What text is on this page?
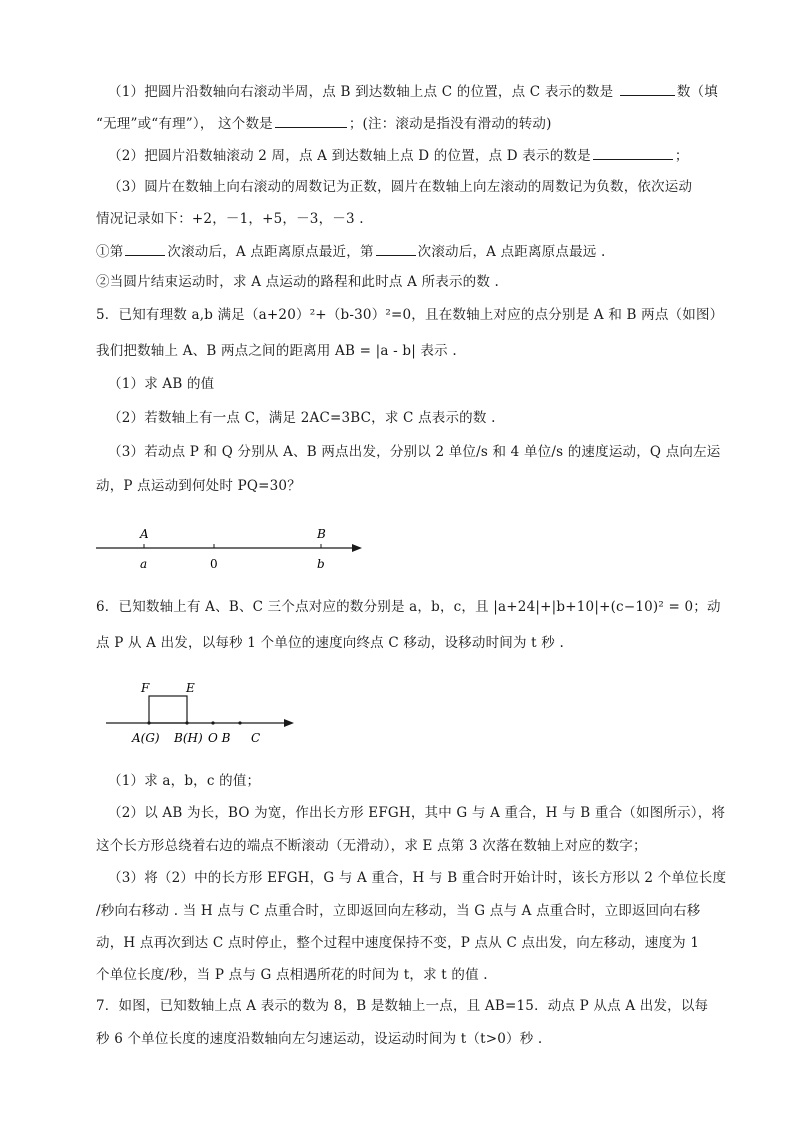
（1）把圆片沿数轴向右滚动半周，点 B 到达数轴上点 C 的位置，点 C 表示的数是	数（填
“无理”或“有理”）， 这个数是	；(注：滚动是指没有滑动的转动)
（2）把圆片沿数轴滚动 2 周，点 A 到达数轴上点 D 的位置，点 D 表示的数是	；
（3）圆片在数轴上向右滚动的周数记为正数，圆片在数轴上向左滚动的周数记为负数，依次运动
情况记录如下：+2，－1，+5，－3，－3 .
①第	次滚动后，A 点距离原点最近，第	次滚动后，A 点距离原点最远 .
②当圆片结束运动时，求 A 点运动的路程和此时点 A 所表示的数 .
5．已知有理数 a,b 满足（a+20）²+（b-30）²=0，且在数轴上对应的点分别是 A 和 B 两点（如图）
我们把数轴上 A、B 两点之间的距离用 AB = |a - b| 表示 .
（1）求 AB 的值
（2）若数轴上有一点 C，满足 2AC=3BC，求 C 点表示的数 .
（3）若动点 P 和 Q 分别从 A、B 两点出发，分别以 2 单位/s 和 4 单位/s 的速度运动，Q 点向左运
动，P 点运动到何处时 PQ=30？
A	B
a	0	b
6．已知数轴上有 A、B、C 三个点对应的数分别是 a，b，c，且 |a+24|+|b+10|+(c−10)² = 0；动
点 P 从 A 出发，以每秒 1 个单位的速度向终点 C 移动，设移动时间为 t 秒 .
F	E
A(G) B(H) O B C
（1）求 a，b，c 的值；
（2）以 AB 为长，BO 为宽，作出长方形 EFGH，其中 G 与 A 重合，H 与 B 重合（如图所示），将
这个长方形总绕着右边的端点不断滚动（无滑动），求 E 点第 3 次落在数轴上对应的数字；
（3）将（2）中的长方形 EFGH，G 与 A 重合，H 与 B 重合时开始计时，该长方形以 2 个单位长度
/秒向右移动 . 当 H 点与 C 点重合时，立即返回向左移动，当 G 点与 A 点重合时，立即返回向右移
动，H 点再次到达 C 点时停止，整个过程中速度保持不变，P 点从 C 点出发，向左移动，速度为 1
个单位长度/秒，当 P 点与 G 点相遇所花的时间为 t，求 t 的值 .
7．如图，已知数轴上点 A 表示的数为 8，B 是数轴上一点，且 AB=15．动点 P 从点 A 出发，以每
秒 6 个单位长度的速度沿数轴向左匀速运动，设运动时间为 t（t>0）秒 .
